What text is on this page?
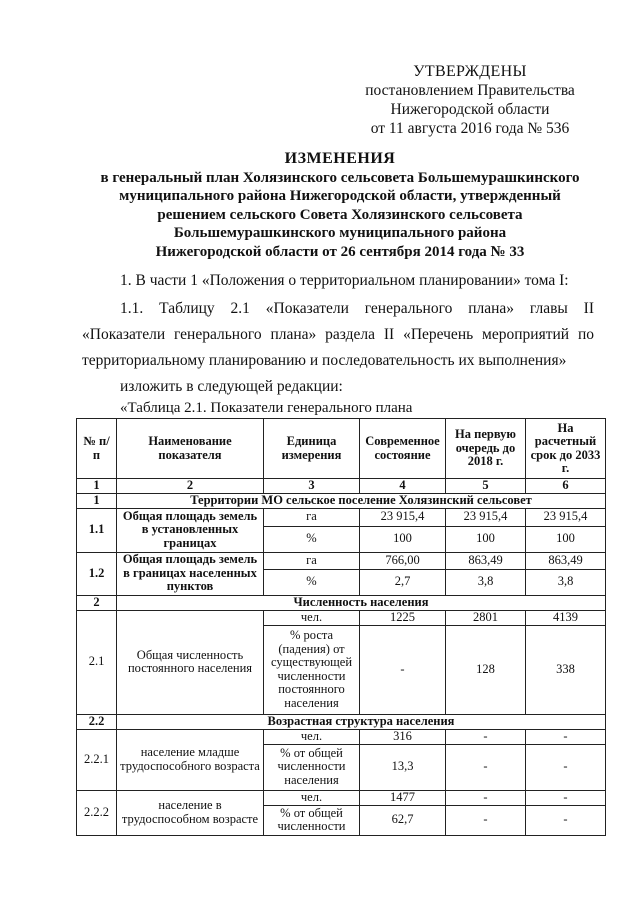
УТВЕРЖДЕНЫ
постановлением Правительства
Нижегородской области
от 11 августа 2016 года № 536
ИЗМЕНЕНИЯ
в генеральный план Холязинского сельсовета Большемурашкинского
муниципального района Нижегородской области, утвержденный
решением сельского Совета Холязинского сельсовета
Большемурашкинского муниципального района
Нижегородской области от 26 сентября 2014 года № 33
1. В части 1 «Положения о территориальном планировании» тома I:
1.1. Таблицу 2.1 «Показатели генерального плана» главы II «Показатели генерального плана» раздела II «Перечень мероприятий по территориальному планированию и последовательность их выполнения»
изложить в следующей редакции:
«Таблица 2.1. Показатели генерального плана
№ п/п	Наименование показателя	Единица измерения	Современное состояние	На первую очередь до 2018 г.	На расчетный срок до 2033 г.
1	2	3	4	5	6
1	Территории МО сельское поселение Холязинский сельсовет				
1.1	Общая площадь земель в установленных границах	га	23 915,4	23 915,4	23 915,4
		%	100	100	100
1.2	Общая площадь земель в границах населенных пунктов	га	766,00	863,49	863,49
		%	2,7	3,8	3,8
2	Численность населения				
2.1	Общая численность постоянного населения	чел.	1225	2801	4139
		% роста (падения) от существующей численности постоянного населения	-	128	338
2.2	Возрастная структура населения				
2.2.1	население младше трудоспособного возраста	чел.	316	-	-
		% от общей численности населения	13,3	-	-
2.2.2	население в трудоспособном возрасте	чел.	1477	-	-
		% от общей численности	62,7	-	-
